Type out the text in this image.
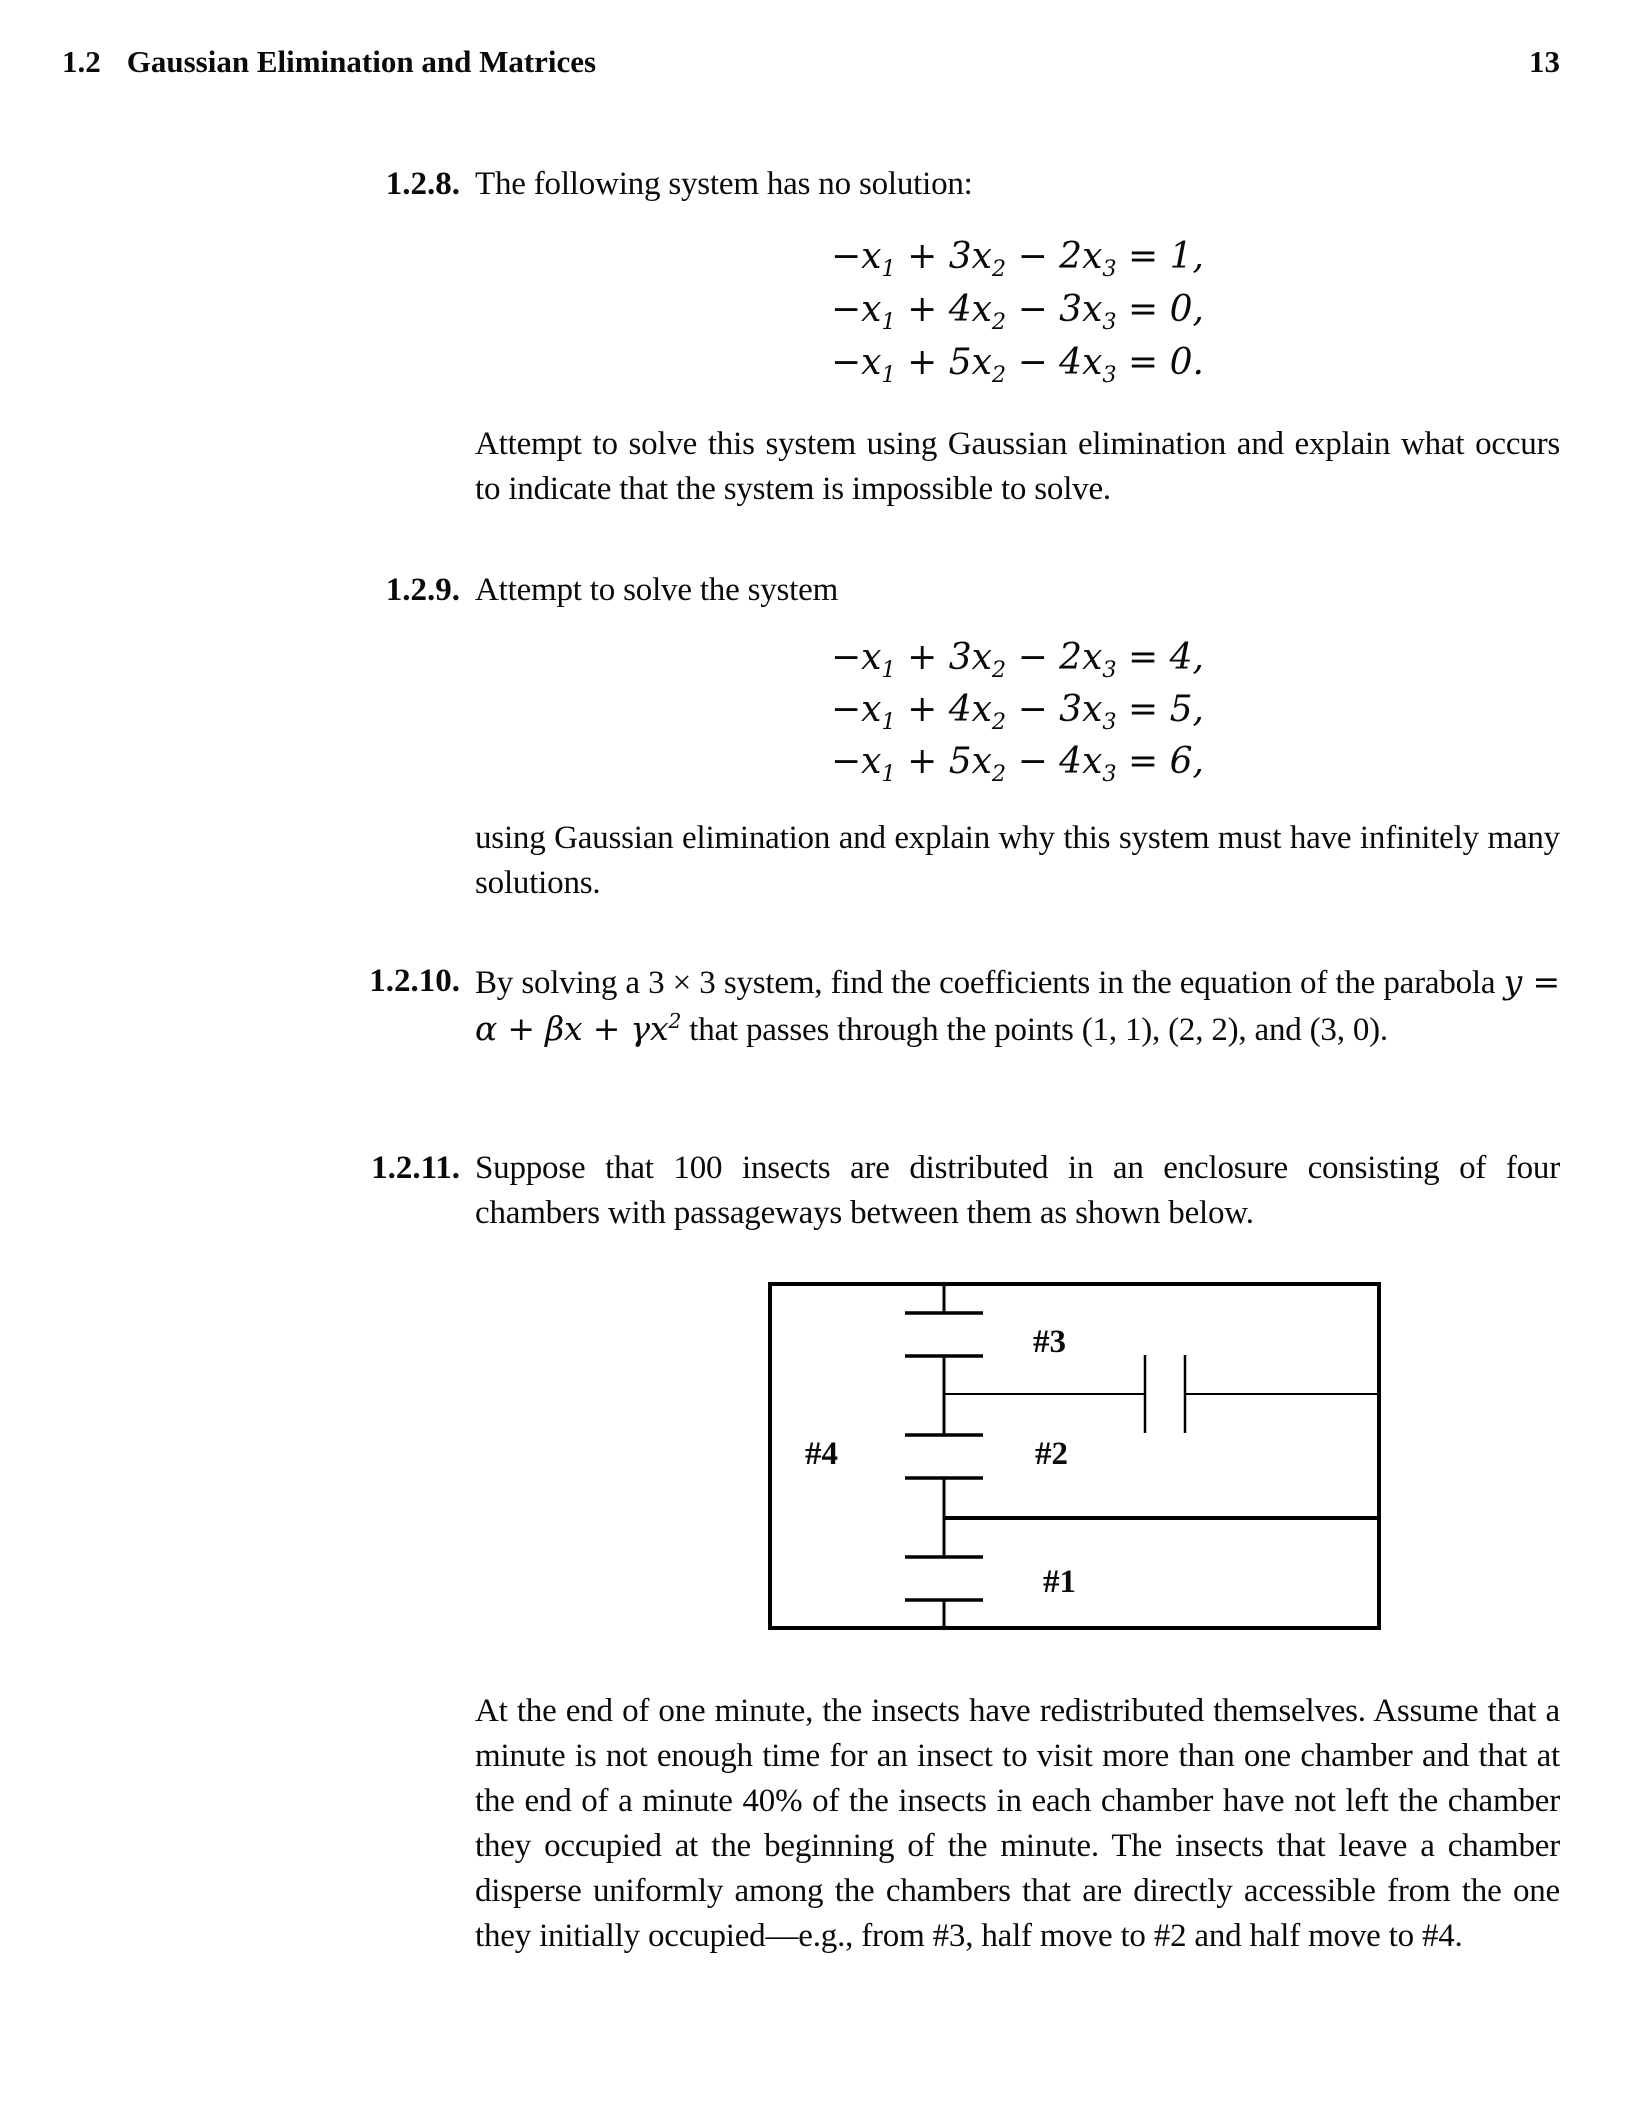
1.2 Gaussian Elimination and Matrices	13
1.2.8. The following system has no solution:
$-x_1 + 3x_2 - 2x_3 = 1$,
$-x_1 + 4x_2 - 3x_3 = 0$,
$-x_1 + 5x_2 - 4x_3 = 0$.
Attempt to solve this system using Gaussian elimination and explain what occurs to indicate that the system is impossible to solve.
1.2.9. Attempt to solve the system
$-x_1 + 3x_2 - 2x_3 = 4$,
$-x_1 + 4x_2 - 3x_3 = 5$,
$-x_1 + 5x_2 - 4x_3 = 6$,
using Gaussian elimination and explain why this system must have infinitely many solutions.
1.2.10. By solving a 3 × 3 system, find the coefficients in the equation of the parabola $y = \alpha + \beta x + \gamma x^2$ that passes through the points (1, 1), (2, 2), and (3, 0).
1.2.11. Suppose that 100 insects are distributed in an enclosure consisting of four chambers with passageways between them as shown below.
#3
#2
#1
#4
At the end of one minute, the insects have redistributed themselves. Assume that a minute is not enough time for an insect to visit more than one chamber and that at the end of a minute 40% of the insects in each chamber have not left the chamber they occupied at the beginning of the minute. The insects that leave a chamber disperse uniformly among the chambers that are directly accessible from the one they initially occupied—e.g., from #3, half move to #2 and half move to #4.
